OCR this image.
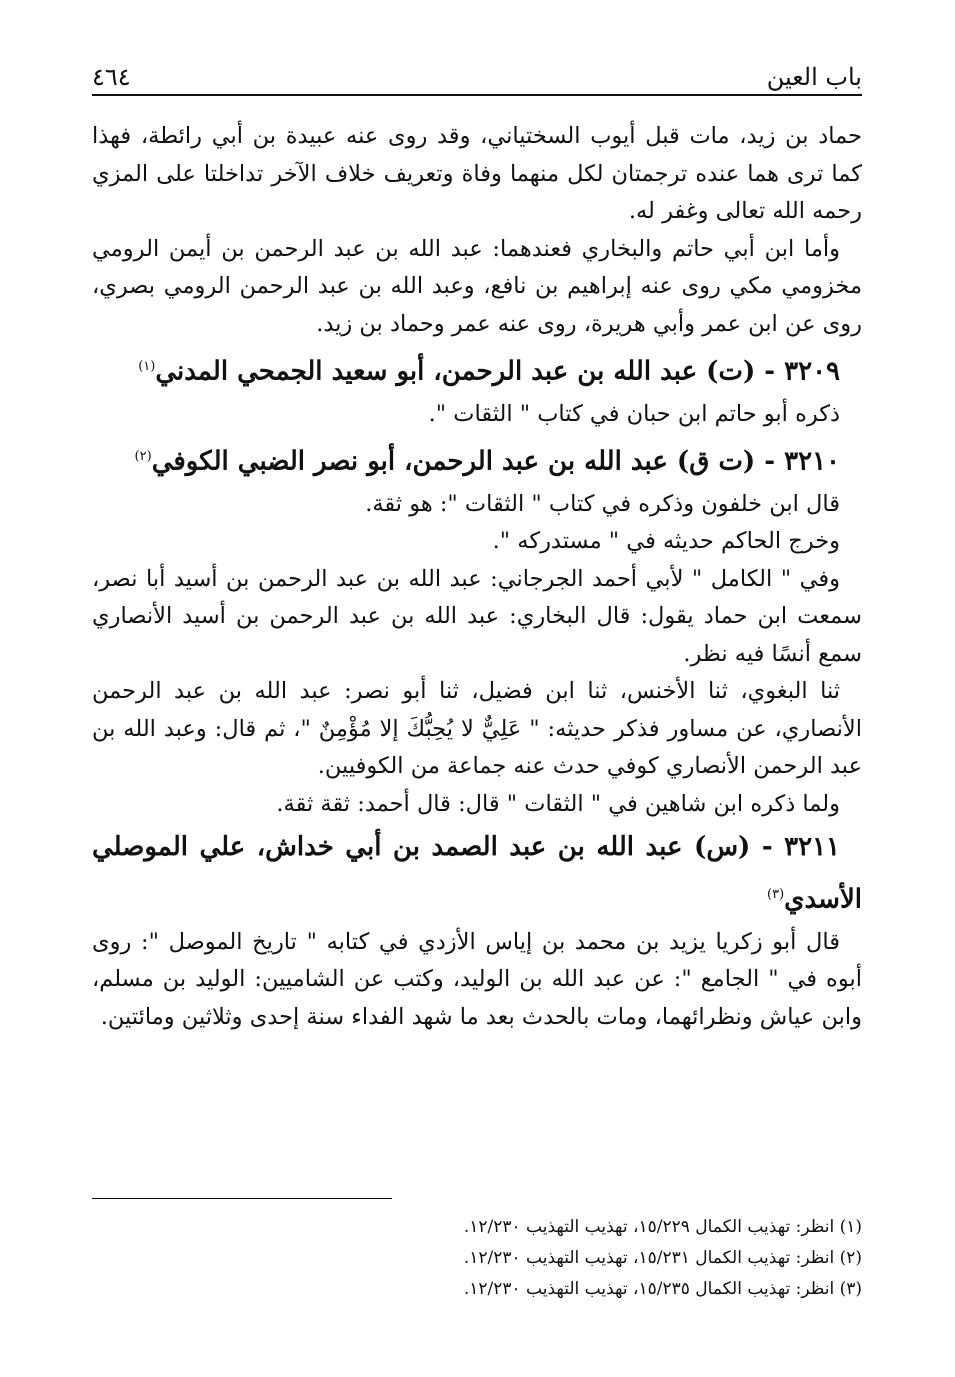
باب العين
٤٦٤

حماد بن زيد، مات قبل أيوب السختياني، وقد روى عنه عبيدة بن أبي رائطة، فهذا كما ترى هما عنده ترجمتان لكل منهما وفاة وتعريف خلاف الآخر تداخلتا على المزي رحمه الله تعالى وغفر له.

وأما ابن أبي حاتم والبخاري فعندهما: عبد الله بن عبد الرحمن بن أيمن الرومي مخزومي مكي روى عنه إبراهيم بن نافع، وعبد الله بن عبد الرحمن الرومي بصري، روى عن ابن عمر وأبي هريرة، روى عنه عمر وحماد بن زيد.

٣٢٠٩ - (ت) عبد الله بن عبد الرحمن، أبو سعيد الجمحي المدني$^{(١)}$

ذكره أبو حاتم ابن حبان في كتاب " الثقات ".

٣٢١٠ - (ت ق) عبد الله بن عبد الرحمن، أبو نصر الضبي الكوفي$^{(٢)}$

قال ابن خلفون وذكره في كتاب " الثقات ": هو ثقة.

وخرج الحاكم حديثه في " مستدركه ".

وفي " الكامل " لأبي أحمد الجرجاني: عبد الله بن عبد الرحمن بن أسيد أبا نصر، سمعت ابن حماد يقول: قال البخاري: عبد الله بن عبد الرحمن بن أسيد الأنصاري سمع أنسًا فيه نظر.

ثنا البغوي، ثنا الأخنس، ثنا ابن فضيل، ثنا أبو نصر: عبد الله بن عبد الرحمن الأنصاري، عن مساور فذكر حديثه: " عَلِيٌّ لا يُحِبُّكَ إلا مُؤْمِنٌ "، ثم قال: وعبد الله بن عبد الرحمن الأنصاري كوفي حدث عنه جماعة من الكوفيين.

ولما ذكره ابن شاهين في " الثقات " قال: قال أحمد: ثقة ثقة.

٣٢١١ - (س) عبد الله بن عبد الصمد بن أبي خداش، علي الموصلي الأسدي$^{(٣)}$

قال أبو زكريا يزيد بن محمد بن إياس الأزدي في كتابه " تاريخ الموصل ": روى أبوه في " الجامع ": عن عبد الله بن الوليد، وكتب عن الشاميين: الوليد بن مسلم، وابن عياش ونظرائهما، ومات بالحدث بعد ما شهد الفداء سنة إحدى وثلاثين ومائتين.

(١) انظر: تهذيب الكمال ١٥/٢٢٩، تهذيب التهذيب ١٢/٢٣٠.

(٢) انظر: تهذيب الكمال ١٥/٢٣١، تهذيب التهذيب ١٢/٢٣٠.

(٣) انظر: تهذيب الكمال ١٥/٢٣٥، تهذيب التهذيب ١٢/٢٣٠.
